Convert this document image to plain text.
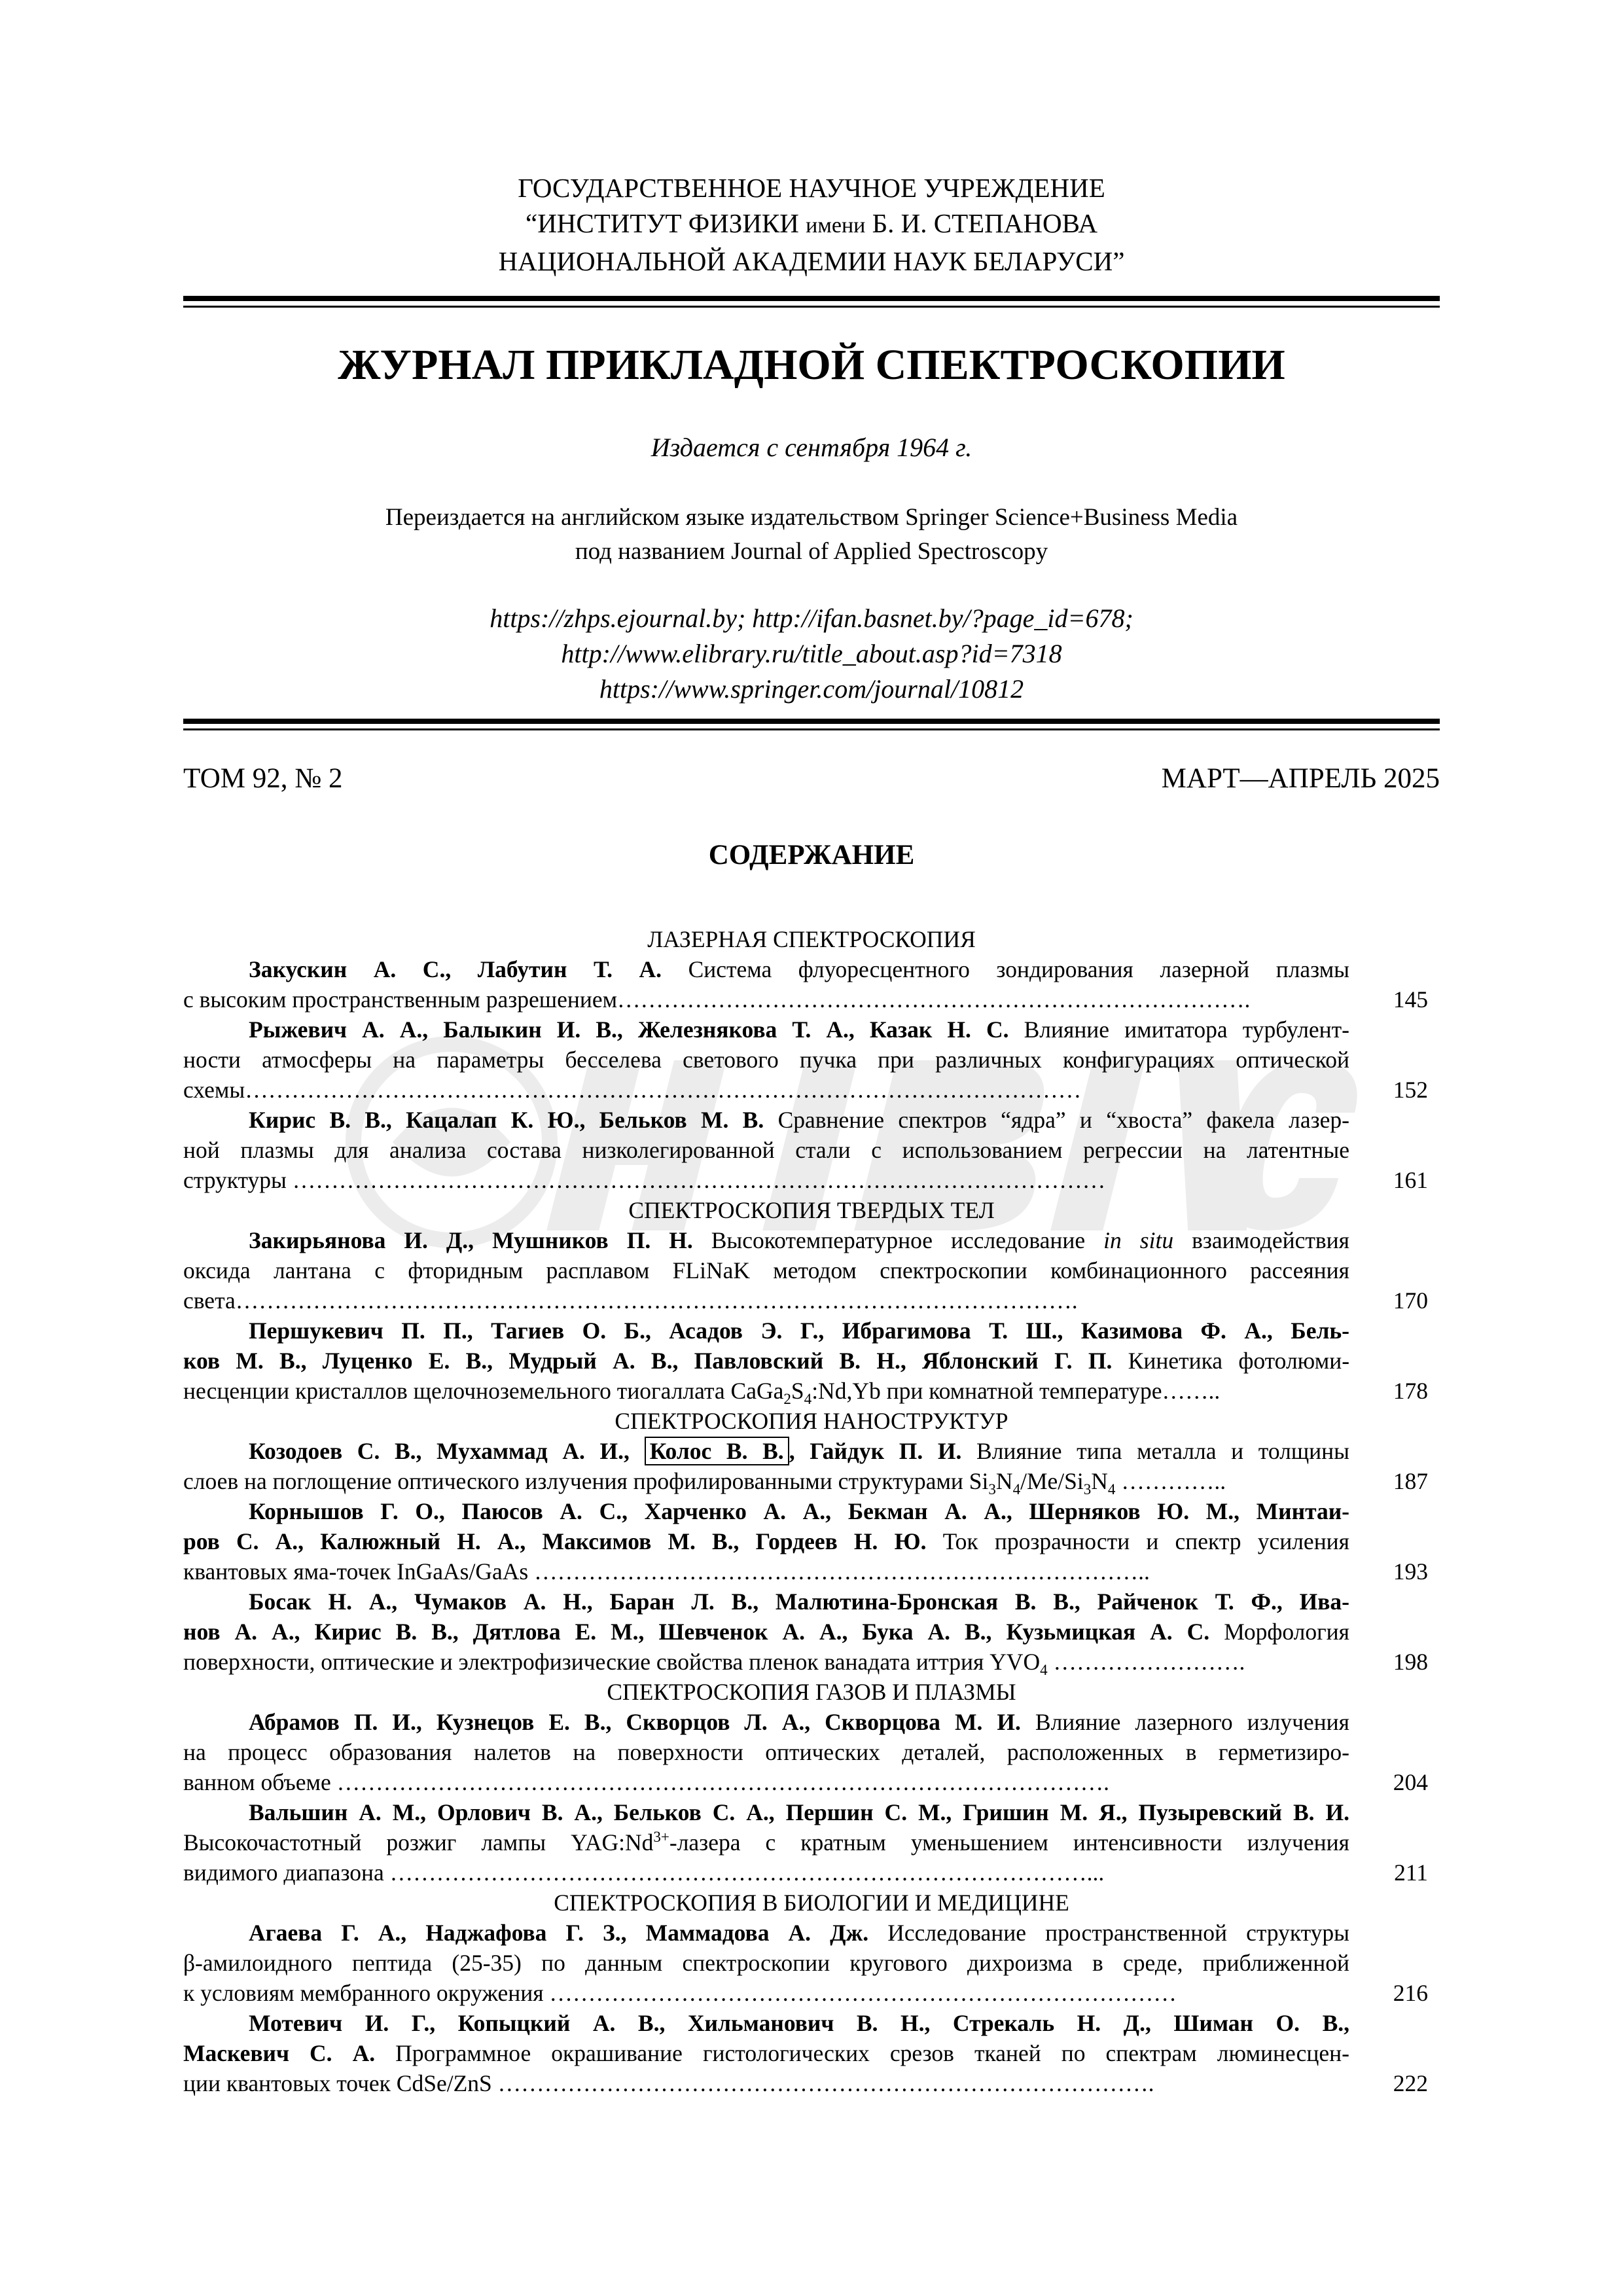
ГОСУДАРСТВЕННОЕ НАУЧНОЕ УЧРЕЖДЕНИЕ
“ИНСТИТУТ ФИЗИКИ имени Б. И. СТЕПАНОВА
НАЦИОНАЛЬНОЙ АКАДЕМИИ НАУК БЕЛАРУСИ”
ЖУРНАЛ ПРИКЛАДНОЙ СПЕКТРОСКОПИИ
Издается с сентября 1964 г.
Переиздается на английском языке издательством Springer Science+Business Media
под названием Journal of Applied Spectroscopy
https://zhps.ejournal.by; http://ifan.basnet.by/?page_id=678;
http://www.elibrary.ru/title_about.asp?id=7318
https://www.springer.com/journal/10812
ТОМ 92, № 2	МАРТ—АПРЕЛЬ 2025
СОДЕРЖАНИЕ
ЛАЗЕРНАЯ СПЕКТРОСКОПИЯ
Закускин А. С., Лабутин Т. А. Система флуоресцентного зондирования лазерной плазмы
с высоким пространственным разрешением……………………………………………………………………….	145
Рыжевич А. А., Балыкин И. В., Железнякова Т. А., Казак Н. С. Влияние имитатора турбулент-
ности атмосферы на параметры бесселева светового пучка при различных конфигурациях оптической
схемы………………………………………………………………………………………………	152
Кирис В. В., Кацалап К. Ю., Бельков М. В. Сравнение спектров “ядра” и “хвоста” факела лазер-
ной плазмы для анализа состава низколегированной стали с использованием регрессии на латентные
структуры ……………………………………………………………………………………………	161
СПЕКТРОСКОПИЯ ТВЕРДЫХ ТЕЛ
Закирьянова И. Д., Мушников П. Н. Высокотемпературное исследование in situ взаимодействия
оксида лантана с фторидным расплавом FLiNaK методом спектроскопии комбинационного рассеяния
света……………………………………………………………………………………………….	170
Першукевич П. П., Тагиев О. Б., Асадов Э. Г., Ибрагимова Т. Ш., Казимова Ф. А., Бель-
ков М. В., Луценко Е. В., Мудрый А. В., Павловский В. Н., Яблонский Г. П. Кинетика фотолюми-
несценции кристаллов щелочноземельного тиогаллата $CaGa_2S_4:Nd,Yb$ при комнатной температуре……..	178
СПЕКТРОСКОПИЯ НАНОСТРУКТУР
Козодоев С. В., Мухаммад А. И., Колос В. В. , Гайдук П. И. Влияние типа металла и толщины
слоев на поглощение оптического излучения профилированными структурами $Si_3N_4/Me/Si_3N_4$ …………..	187
Корнышов Г. О., Паюсов А. С., Харченко А. А., Бекман А. А., Шерняков Ю. М., Минтаи-
ров С. А., Калюжный Н. А., Максимов М. В., Гордеев Н. Ю. Ток прозрачности и спектр усиления
квантовых яма-точек InGaAs/GaAs ……………………………………………………………………..	193
Босак Н. А., Чумаков А. Н., Баран Л. В., Малютина-Бронская В. В., Райченок Т. Ф., Ива-
нов А. А., Кирис В. В., Дятлова Е. М., Шевченок А. А., Бука А. В., Кузьмицкая А. С. Морфология
поверхности, оптические и электрофизические свойства пленок ванадата иттрия $YVO_4$ …………………….	198
СПЕКТРОСКОПИЯ ГАЗОВ И ПЛАЗМЫ
Абрамов П. И., Кузнецов Е. В., Скворцов Л. А., Скворцова М. И. Влияние лазерного излучения
на процесс образования налетов на поверхности оптических деталей, расположенных в герметизиро-
ванном объеме ……………………………………………………………………………………….	204
Вальшин А. М., Орлович В. А., Бельков С. А., Першин С. М., Гришин М. Я., Пузыревский В. И.
Высокочастотный розжиг лампы $YAG:Nd^{3+}$-лазера с кратным уменьшением интенсивности излучения
видимого диапазона ………………………………………………………………………………...	211
СПЕКТРОСКОПИЯ В БИОЛОГИИ И МЕДИЦИНЕ
Агаева Г. А., Наджафова Г. З., Маммадова А. Дж. Исследование пространственной структуры
β-амилоидного пептида (25-35) по данным спектроскопии кругового дихроизма в среде, приближенной
к условиям мембранного окружения ………………………………………………………………………	216
Мотевич И. Г., Копыцкий А. В., Хильманович В. Н., Стрекаль Н. Д., Шиман О. В.,
Маскевич С. А. Программное окрашивание гистологических срезов тканей по спектрам люминесцен-
ции квантовых точек CdSe/ZnS ………………………………………………………………………….	222
